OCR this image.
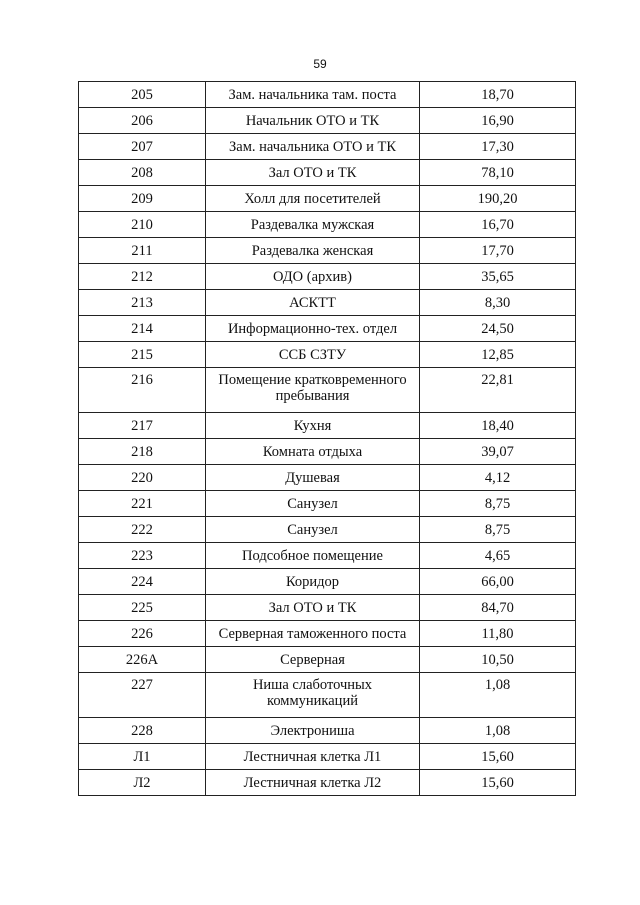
59
205	Зам. начальника там. поста	18,70
206	Начальник ОТО и ТК	16,90
207	Зам. начальника ОТО и ТК	17,30
208	Зал ОТО и ТК	78,10
209	Холл для посетителей	190,20
210	Раздевалка мужская	16,70
211	Раздевалка женская	17,70
212	ОДО (архив)	35,65
213	АСКТТ	8,30
214	Информационно-тех. отдел	24,50
215	ССБ СЗТУ	12,85
216	Помещение кратковременного пребывания	22,81
217	Кухня	18,40
218	Комната отдыха	39,07
220	Душевая	4,12
221	Санузел	8,75
222	Санузел	8,75
223	Подсобное помещение	4,65
224	Коридор	66,00
225	Зал ОТО и ТК	84,70
226	Серверная таможенного поста	11,80
226А	Серверная	10,50
227	Ниша слаботочных коммуникаций	1,08
228	Электрониша	1,08
Л1	Лестничная клетка Л1	15,60
Л2	Лестничная клетка Л2	15,60
